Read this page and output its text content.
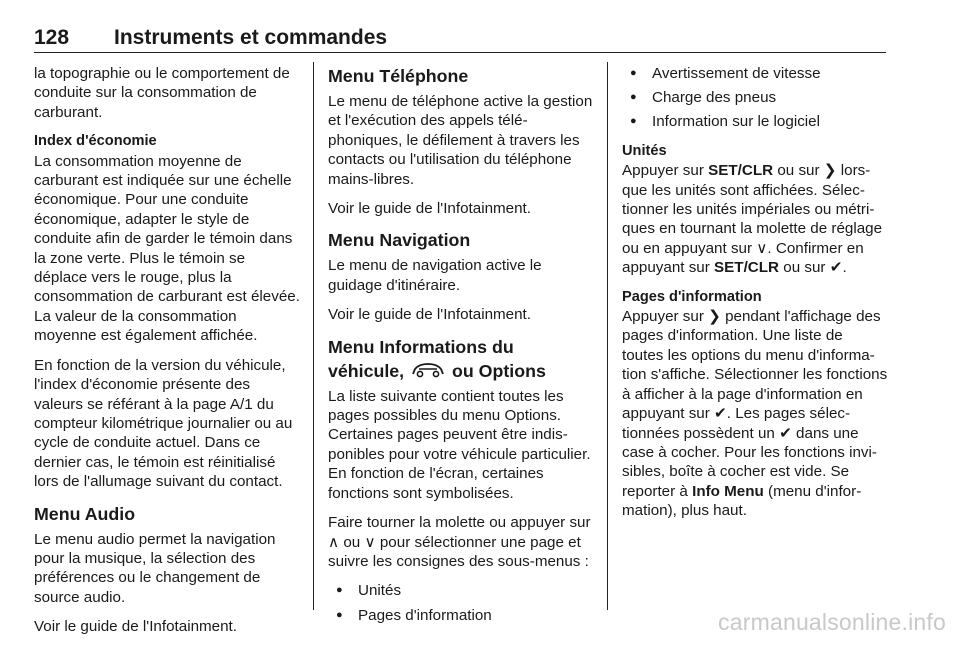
128 Instruments et commandes

la topographie ou le comportement de conduite sur la consommation de carburant.

Index d'économie

La consommation moyenne de carburant est indiquée sur une échelle économique. Pour une conduite économique, adapter le style de conduite afin de garder le témoin dans la zone verte. Plus le témoin se déplace vers le rouge, plus la consommation de carburant est élevée. La valeur de la consommation moyenne est également affichée.

En fonction de la version du véhicule, l'index d'économie présente des valeurs se référant à la page A/1 du compteur kilométrique journalier ou au cycle de conduite actuel. Dans ce dernier cas, le témoin est réinitialisé lors de l'allumage suivant du contact.

Menu Audio

Le menu audio permet la navigation pour la musique, la sélection des préférences ou le changement de source audio.

Voir le guide de l'Infotainment.

Menu Téléphone

Le menu de téléphone active la gestion et l'exécution des appels téléphoniques, le défilement à travers les contacts ou l'utilisation du téléphone mains-libres.

Voir le guide de l'Infotainment.

Menu Navigation

Le menu de navigation active le guidage d'itinéraire.

Voir le guide de l'Infotainment.

Menu Informations du
véhicule,	ou Options

La liste suivante contient toutes les pages possibles du menu Options. Certaines pages peuvent être indisponibles pour votre véhicule particulier. En fonction de l'écran, certaines fonctions sont symbolisées.

Faire tourner la molette ou appuyer sur ∧ ou ∨ pour sélectionner une page et suivre les consignes des sous-menus :

● Unités
● Pages d'information
● Avertissement de vitesse
● Charge des pneus
● Information sur le logiciel
Unités

Appuyer sur SET/CLR ou sur ❯ lorsque les unités sont affichées. Sélectionner les unités impériales ou métriques en tournant la molette de réglage ou en appuyant sur ∨. Confirmer en appuyant sur SET/CLR ou sur ✔.

Pages d'information

Appuyer sur ❯ pendant l'affichage des pages d'information. Une liste de toutes les options du menu d'information s'affiche. Sélectionner les fonctions à afficher à la page d'information en appuyant sur ✔. Les pages sélectionnées possèdent un ✔ dans une case à cocher. Pour les fonctions invisibles, boîte à cocher est vide. Se reporter à Info Menu (menu d'information), plus haut.

carmanualsonline.info
